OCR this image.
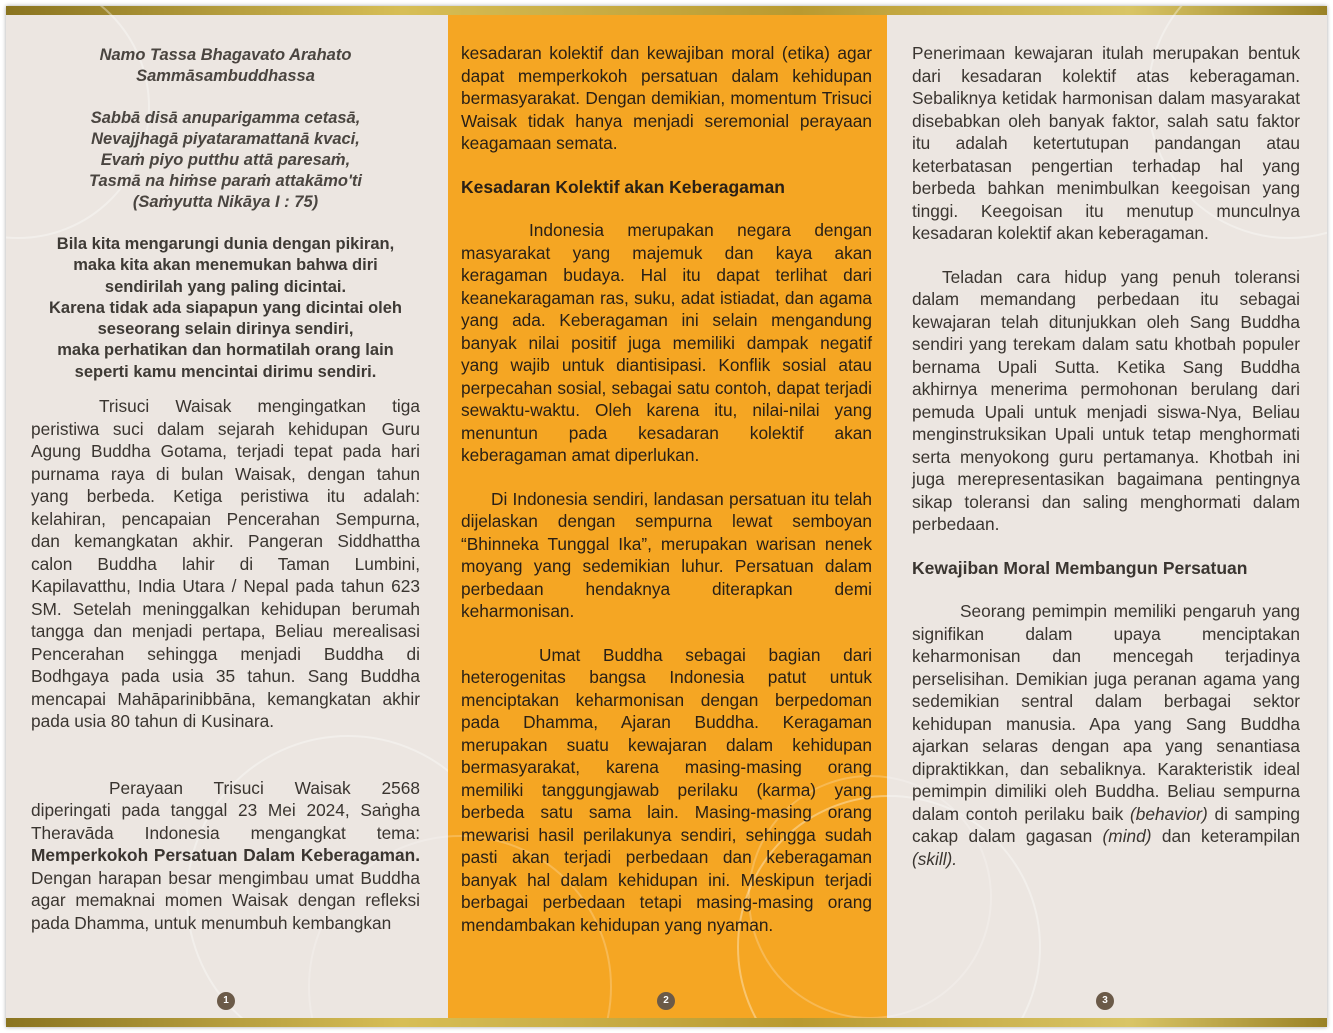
Namo Tassa Bhagavato Arahato

Sammāsambuddhassa

Sabbā disā anuparigamma cetasā,

Nevajjhagā piyataramattanā kvaci,

Evaṁ piyo putthu attā paresaṁ,

Tasmā na hiṁse paraṁ attakāmo'ti

(Saṁyutta Nikāya I : 75)

Bila kita mengarungi dunia dengan pikiran,

maka kita akan menemukan bahwa diri

sendirilah yang paling dicintai.

Karena tidak ada siapapun yang dicintai oleh

seseorang selain dirinya sendiri,

maka perhatikan dan hormatilah orang lain

seperti kamu mencintai dirimu sendiri.

Trisuci Waisak mengingatkan tiga peristiwa suci dalam sejarah kehidupan Guru Agung Buddha Gotama, terjadi tepat pada hari purnama raya di bulan Waisak, dengan tahun yang berbeda. Ketiga peristiwa itu adalah: kelahiran, pencapaian Pencerahan Sempurna, dan kemangkatan akhir. Pangeran Siddhattha calon Buddha lahir di Taman Lumbini, Kapilavatthu, India Utara / Nepal pada tahun 623 SM. Setelah meninggalkan kehidupan berumah tangga dan menjadi pertapa, Beliau merealisasi Pencerahan sehingga menjadi Buddha di Bodhgaya pada usia 35 tahun. Sang Buddha mencapai Mahāparinibbāna, kemangkatan akhir pada usia 80 tahun di Kusinara.

Perayaan Trisuci Waisak 2568 diperingati pada tanggal 23 Mei 2024, Saṅgha Theravāda Indonesia mengangkat tema: Memperkokoh Persatuan Dalam Keberagaman. Dengan harapan besar mengimbau umat Buddha agar memaknai momen Waisak dengan refleksi pada Dhamma, untuk menumbuh kembangkan

1

kesadaran kolektif dan kewajiban moral (etika) agar dapat memperkokoh persatuan dalam kehidupan bermasyarakat. Dengan demikian, momentum Trisuci Waisak tidak hanya menjadi seremonial perayaan keagamaan semata.

Kesadaran Kolektif akan Keberagaman

Indonesia merupakan negara dengan masyarakat yang majemuk dan kaya akan keragaman budaya. Hal itu dapat terlihat dari keanekaragaman ras, suku, adat istiadat, dan agama yang ada. Keberagaman ini selain mengandung banyak nilai positif juga memiliki dampak negatif yang wajib untuk diantisipasi. Konflik sosial atau perpecahan sosial, sebagai satu contoh, dapat terjadi sewaktu-waktu. Oleh karena itu, nilai-nilai yang menuntun pada kesadaran kolektif akan keberagaman amat diperlukan.

Di Indonesia sendiri, landasan persatuan itu telah dijelaskan dengan sempurna lewat semboyan “Bhinneka Tunggal Ika”, merupakan warisan nenek moyang yang sedemikian luhur. Persatuan dalam perbedaan hendaknya diterapkan demi keharmonisan.

Umat Buddha sebagai bagian dari heterogenitas bangsa Indonesia patut untuk menciptakan keharmonisan dengan berpedoman pada Dhamma, Ajaran Buddha. Keragaman merupakan suatu kewajaran dalam kehidupan bermasyarakat, karena masing-masing orang memiliki tanggungjawab perilaku (karma) yang berbeda satu sama lain. Masing-masing orang mewarisi hasil perilakunya sendiri, sehingga sudah pasti akan terjadi perbedaan dan keberagaman banyak hal dalam kehidupan ini. Meskipun terjadi berbagai perbedaan tetapi masing-masing orang mendambakan kehidupan yang nyaman.

2

Penerimaan kewajaran itulah merupakan bentuk dari kesadaran kolektif atas keberagaman. Sebaliknya ketidak harmonisan dalam masyarakat disebabkan oleh banyak faktor, salah satu faktor itu adalah ketertutupan pandangan atau keterbatasan pengertian terhadap hal yang berbeda bahkan menimbulkan keegoisan yang tinggi. Keegoisan itu menutup munculnya kesadaran kolektif akan keberagaman.

Teladan cara hidup yang penuh toleransi dalam memandang perbedaan itu sebagai kewajaran telah ditunjukkan oleh Sang Buddha sendiri yang terekam dalam satu khotbah populer bernama Upali Sutta. Ketika Sang Buddha akhirnya menerima permohonan berulang dari pemuda Upali untuk menjadi siswa-Nya, Beliau menginstruksikan Upali untuk tetap menghormati serta menyokong guru pertamanya. Khotbah ini juga merepresentasikan bagaimana pentingnya sikap toleransi dan saling menghormati dalam perbedaan.

Kewajiban Moral Membangun Persatuan

Seorang pemimpin memiliki pengaruh yang signifikan dalam upaya menciptakan keharmonisan dan mencegah terjadinya perselisihan. Demikian juga peranan agama yang sedemikian sentral dalam berbagai sektor kehidupan manusia. Apa yang Sang Buddha ajarkan selaras dengan apa yang senantiasa dipraktikkan, dan sebaliknya. Karakteristik ideal pemimpin dimiliki oleh Buddha. Beliau sempurna dalam contoh perilaku baik (behavior) di samping cakap dalam gagasan (mind) dan keterampilan (skill).

3
